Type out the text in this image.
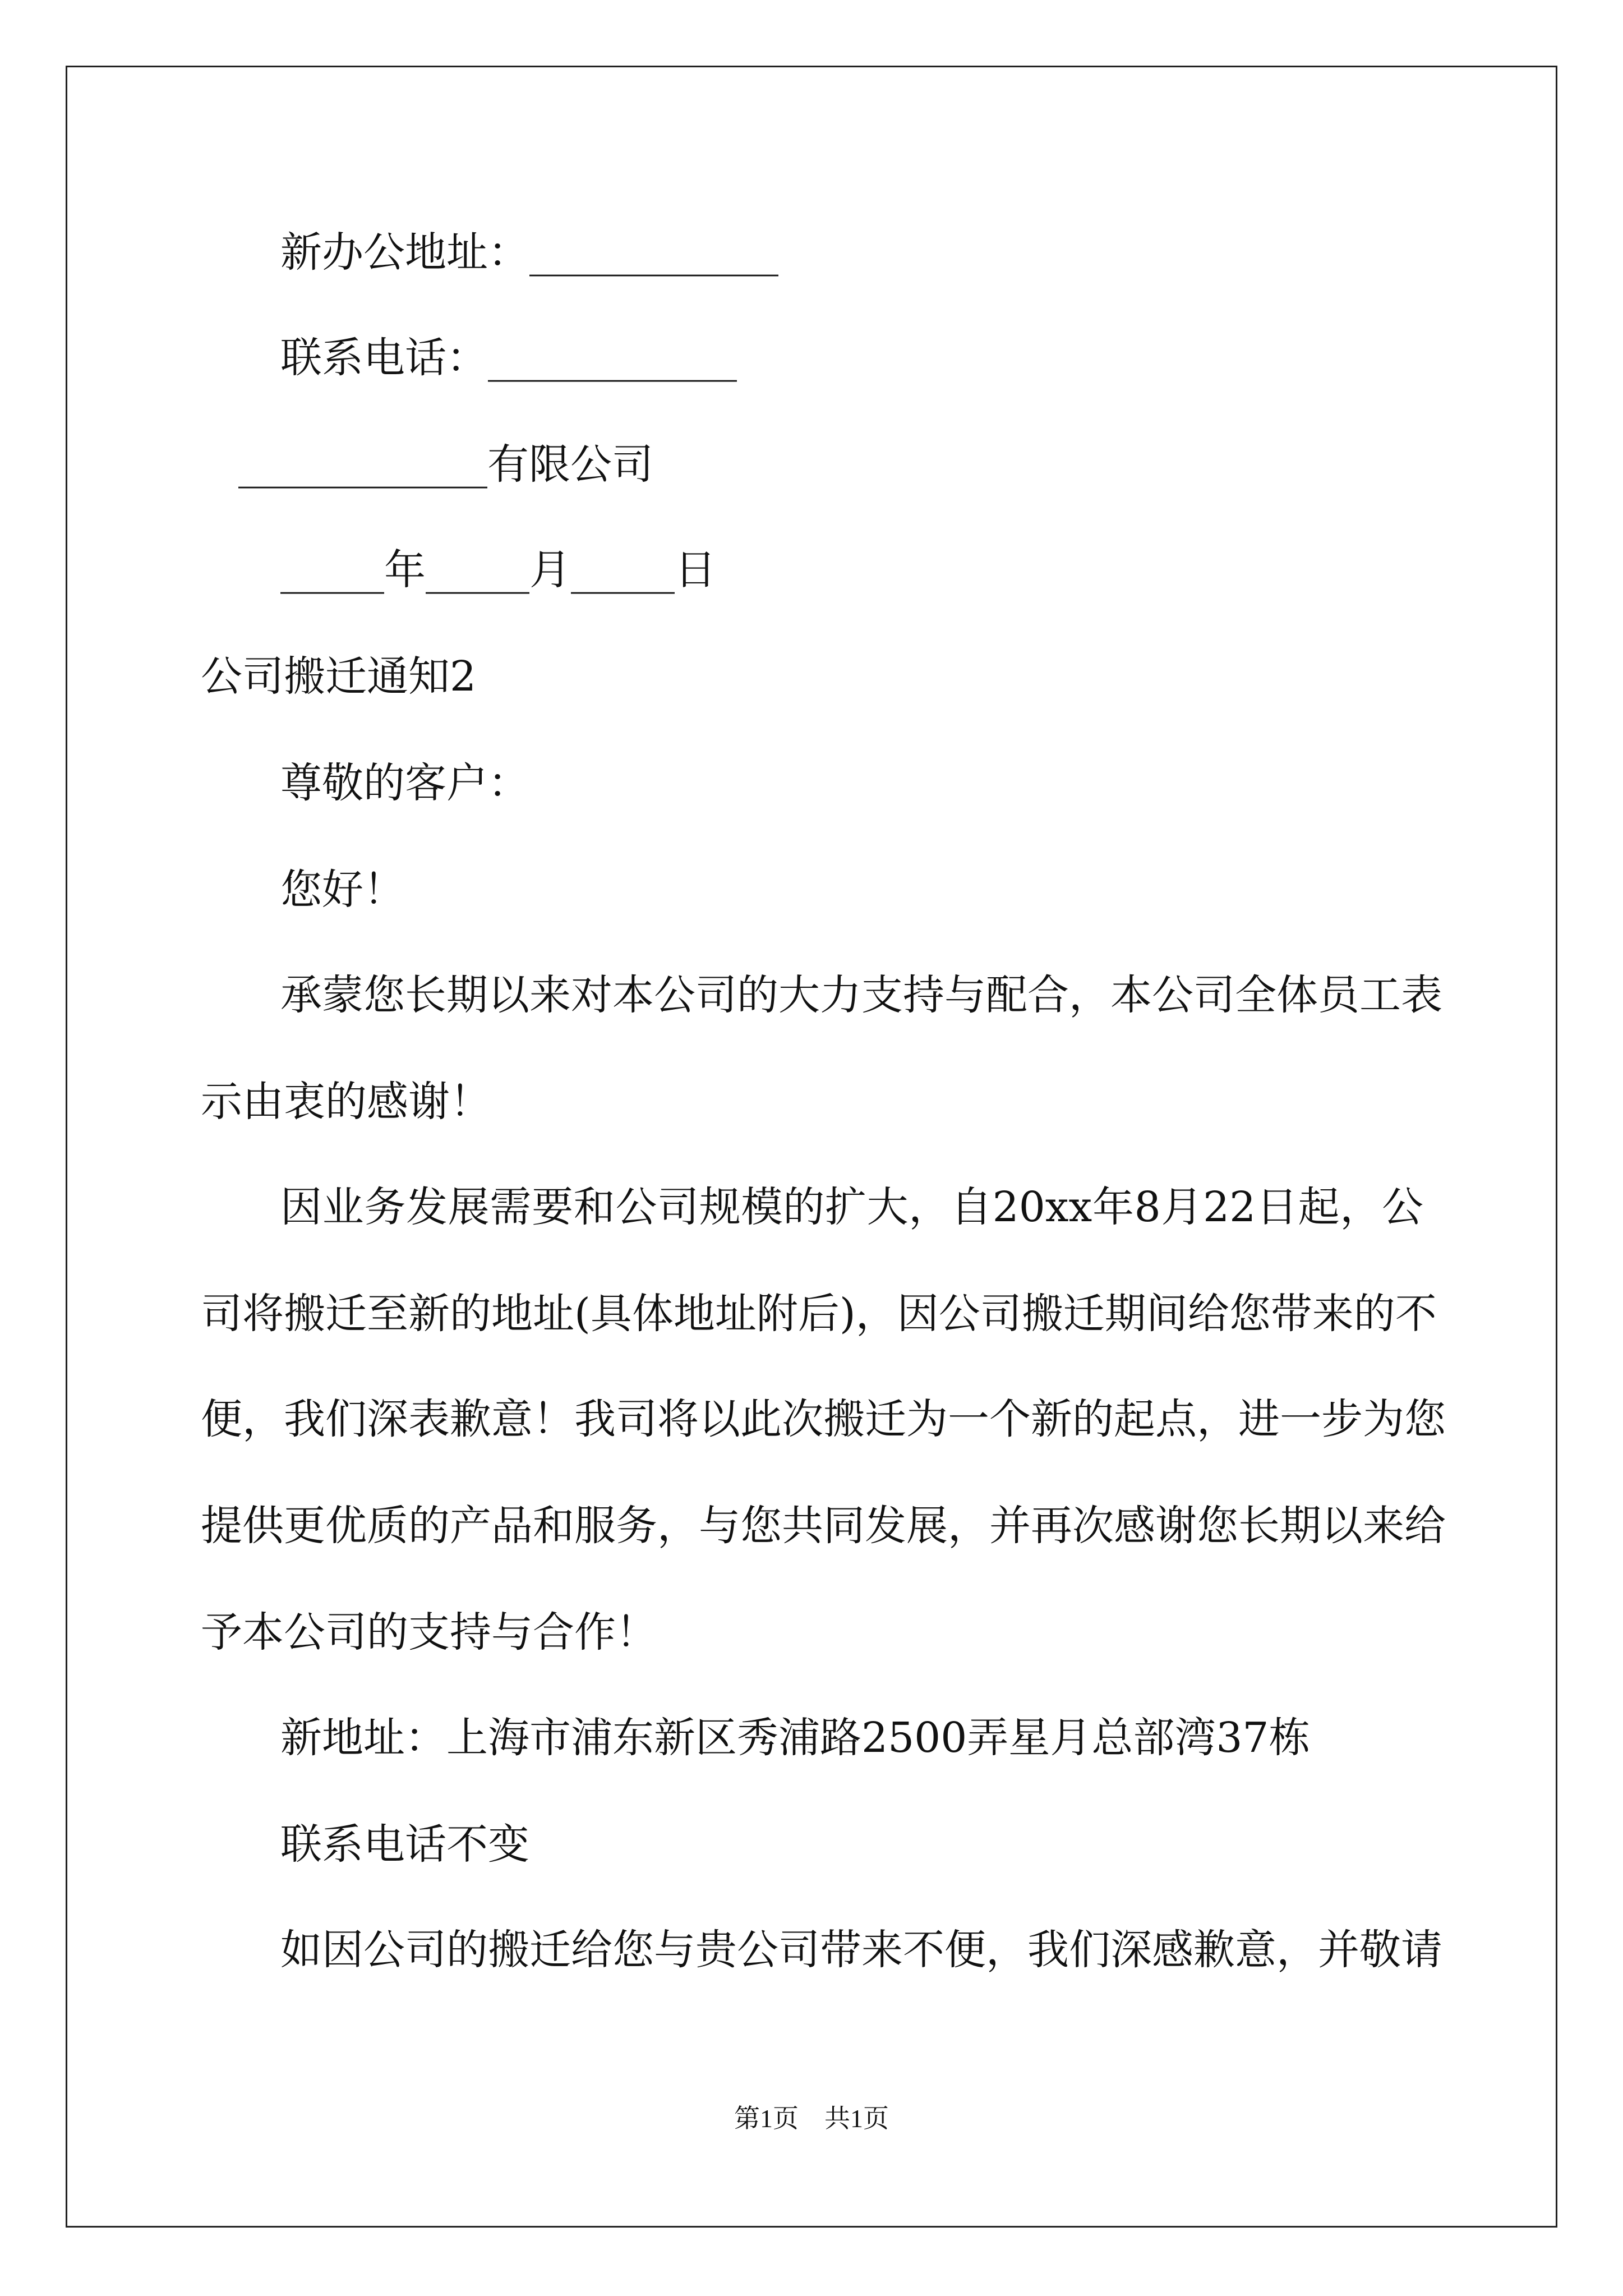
新办公地址：____________
联系电话：____________
____________有限公司
_____年_____月_____日
公司搬迁通知2
尊敬的客户：
您好！
承蒙您长期以来对本公司的大力支持与配合，本公司全体员工表
示由衷的感谢！
因业务发展需要和公司规模的扩大，自20xx年8月22日起，公
司将搬迁至新的地址(具体地址附后)，因公司搬迁期间给您带来的不
便，我们深表歉意！我司将以此次搬迁为一个新的起点，进一步为您
提供更优质的产品和服务，与您共同发展，并再次感谢您长期以来给
予本公司的支持与合作！
新地址：上海市浦东新区秀浦路2500弄星月总部湾37栋
联系电话不变
如因公司的搬迁给您与贵公司带来不便，我们深感歉意，并敬请
第1页　共1页
